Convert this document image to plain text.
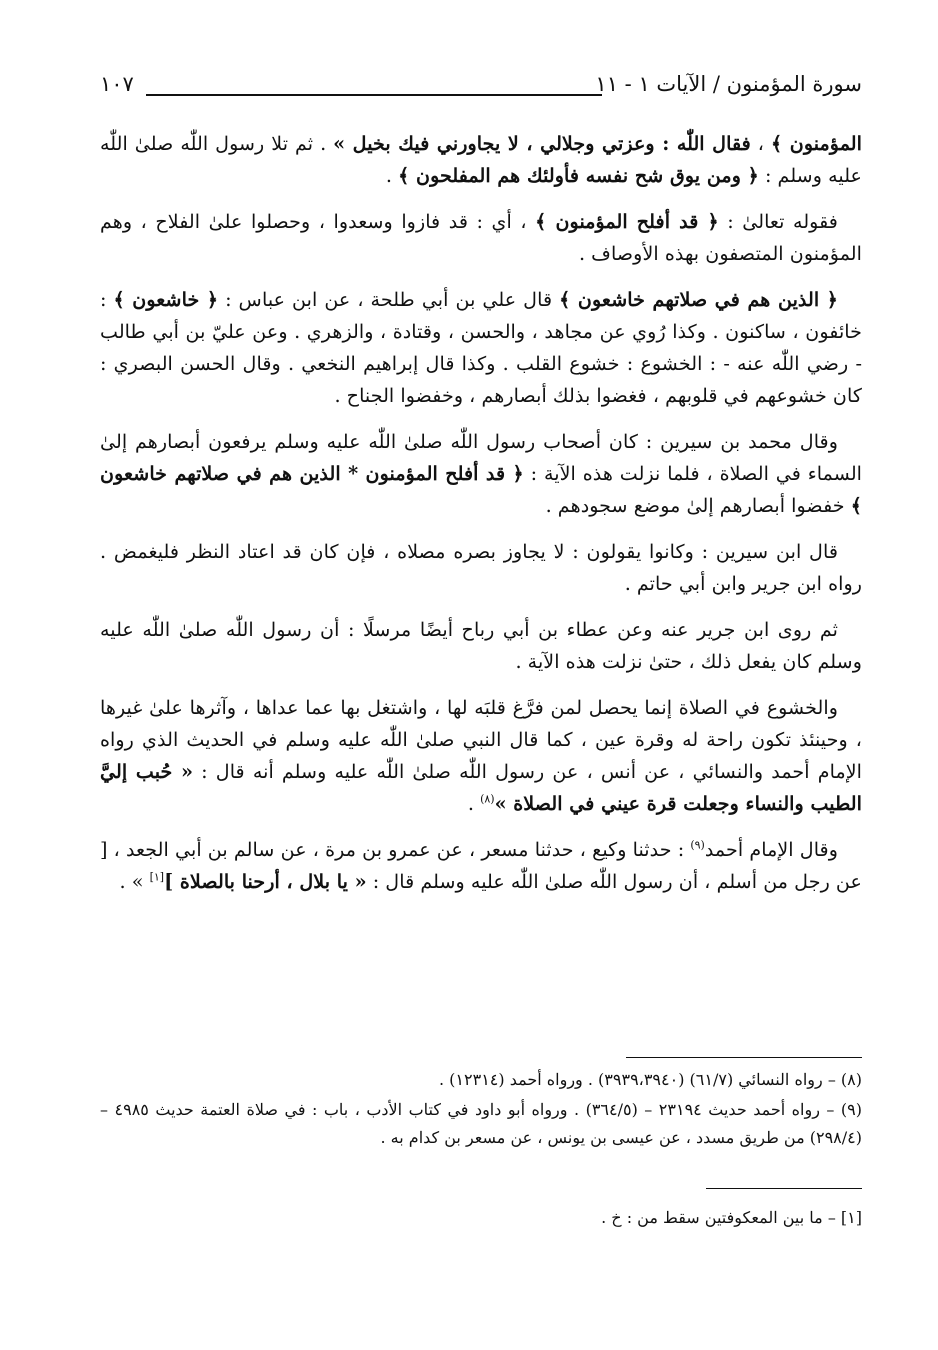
سورة المؤمنون / الآيات ١ - ١١
١٠٧

المؤمنون ﴾ ، فقال اللّٰه : وعزتي وجلالي ، لا يجاورني فيك بخيل » . ثم تلا رسول اللّٰه صلىٰ اللّٰه عليه وسلم : ﴿ ومن يوق شح نفسه فأولئك هم المفلحون ﴾ .

فقوله تعالىٰ : ﴿ قد أفلح المؤمنون ﴾ ، أي : قد فازوا وسعدوا ، وحصلوا علىٰ الفلاح ، وهم المؤمنون المتصفون بهذه الأوصاف .

﴿ الذين هم في صلاتهم خاشعون ﴾ قال علي بن أبي طلحة ، عن ابن عباس : ﴿ خاشعون ﴾ : خائفون ، ساكنون . وكذا رُوي عن مجاهد ، والحسن ، وقتادة ، والزهري . وعن عليّ بن أبي طالب - رضي اللّٰه عنه - : الخشوع : خشوع القلب . وكذا قال إبراهيم النخعي . وقال الحسن البصري : كان خشوعهم في قلوبهم ، فغضوا بذلك أبصارهم ، وخفضوا الجناح .

وقال محمد بن سيرين : كان أصحاب رسول اللّٰه صلىٰ اللّٰه عليه وسلم يرفعون أبصارهم إلىٰ السماء في الصلاة ، فلما نزلت هذه الآية : ﴿ قد أفلح المؤمنون * الذين هم في صلاتهم خاشعون ﴾ خفضوا أبصارهم إلىٰ موضع سجودهم .

قال ابن سيرين : وكانوا يقولون : لا يجاوز بصره مصلاه ، فإن كان قد اعتاد النظر فليغمض . رواه ابن جرير وابن أبي حاتم .

ثم روى ابن جرير عنه وعن عطاء بن أبي رباح أيضًا مرسلًا : أن رسول اللّٰه صلىٰ اللّٰه عليه وسلم كان يفعل ذلك ، حتىٰ نزلت هذه الآية .

والخشوع في الصلاة إنما يحصل لمن فرَّغ قلبَه لها ، واشتغل بها عما عداها ، وآثرها علىٰ غيرها ، وحينئذ تكون راحة له وقرة عين ، كما قال النبي صلىٰ اللّٰه عليه وسلم في الحديث الذي رواه الإمام أحمد والنسائي ، عن أنس ، عن رسول اللّٰه صلىٰ اللّٰه عليه وسلم أنه قال : « حُبب إليَّ الطيب والنساء وجعلت قرة عيني في الصلاة »$^{(٨)}$ .

وقال الإمام أحمد$^{(٩)}$ : حدثنا وكيع ، حدثنا مسعر ، عن عمرو بن مرة ، عن سالم بن أبي الجعد ، [ عن رجل من أسلم ، أن رسول اللّٰه صلىٰ اللّٰه عليه وسلم قال : « يا بلال ، أرحنا بالصلاة ][١] » .

(٨) – رواه النسائي (٦١/٧) (٣٩٣٩،٣٩٤٠) . ورواه أحمد (١٢٣١٤) .

(٩) – رواه أحمد حديث ٢٣١٩٤ – (٣٦٤/٥) . ورواه أبو داود في كتاب الأدب ، باب : في صلاة العتمة حديث ٤٩٨٥ – (٢٩٨/٤) من طريق مسدد ، عن عيسى بن يونس ، عن مسعر بن كدام به .

[١] – ما بين المعكوفتين سقط من : خ .
